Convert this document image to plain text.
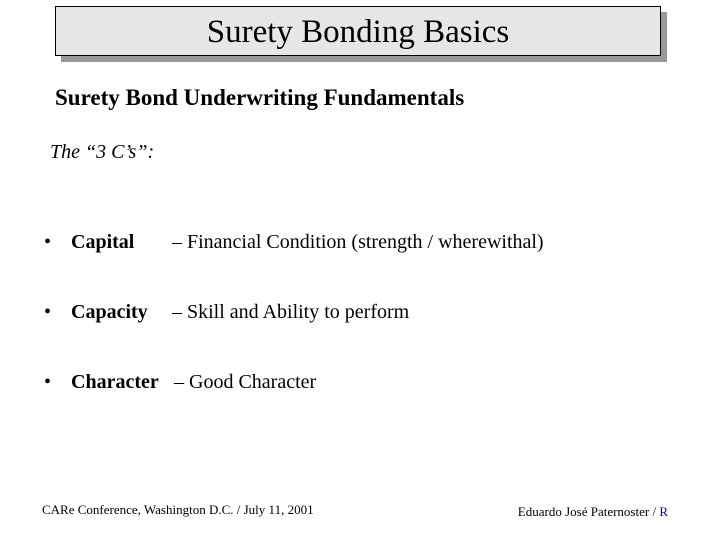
Surety Bonding Basics
Surety Bond Underwriting Fundamentals
The “3 C’s”:
• Capital – Financial Condition (strength / wherewithal)
• Capacity – Skill and Ability to perform
• Character – Good Character
CARe Conference, Washington D.C. / July 11, 2001	Eduardo José Paternoster / R
